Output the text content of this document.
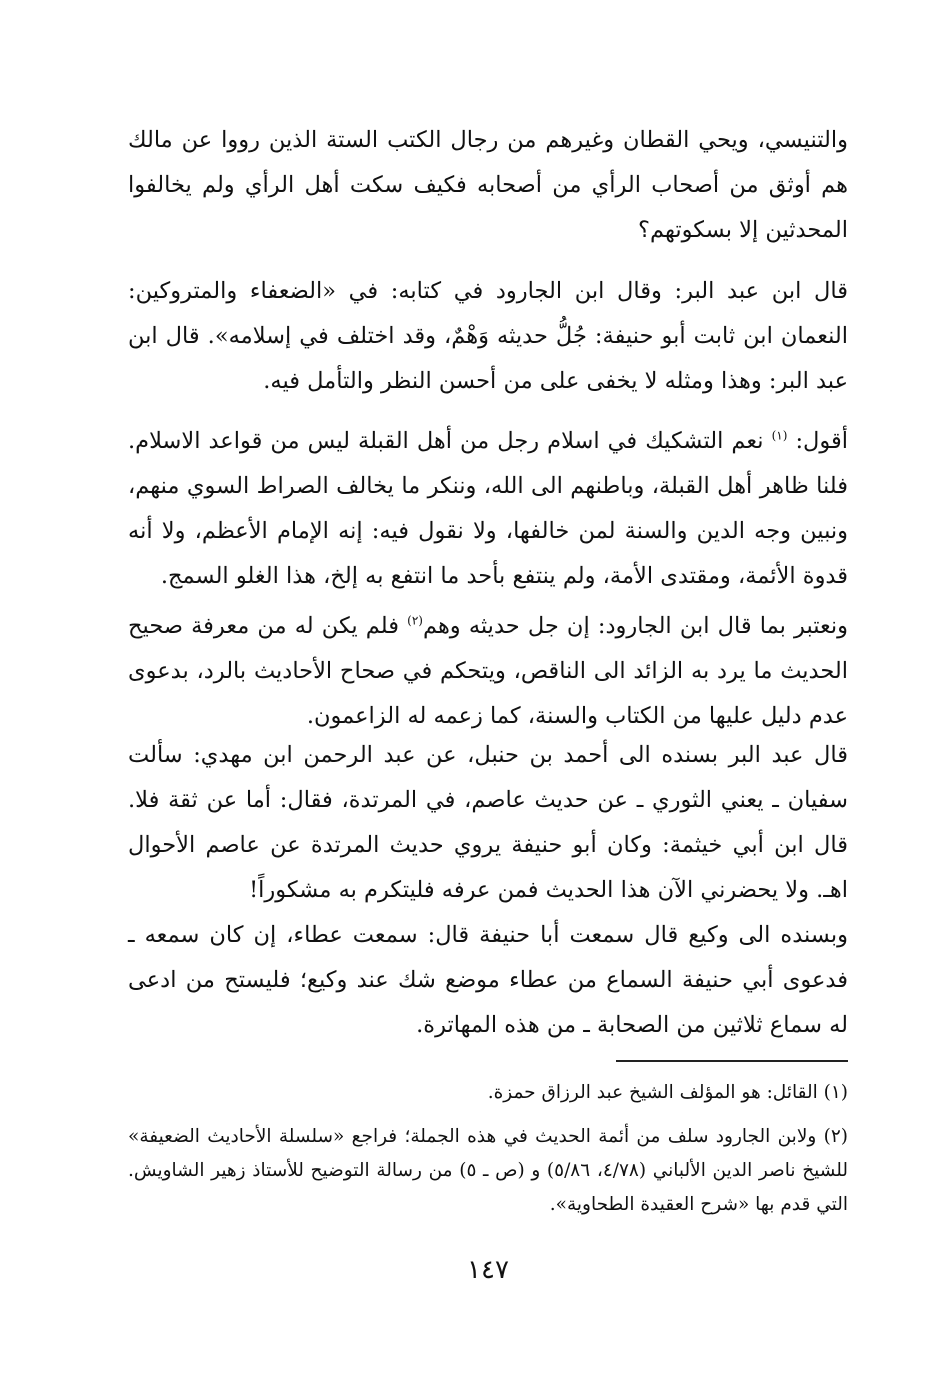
والتنيسي، ويحي القطان وغيرهم من رجال الكتب الستة الذين رووا عن مالك هم أوثق من أصحاب الرأي من أصحابه فكيف سكت أهل الرأي ولم يخالفوا المحدثين إلا بسكوتهم؟

قال ابن عبد البر: وقال ابن الجارود في كتابه: في «الضعفاء والمتروكين: النعمان ابن ثابت أبو حنيفة: جُلُّ حديثه وَهْمٌ، وقد اختلف في إسلامه». قال ابن عبد البر: وهذا ومثله لا يخفى على من أحسن النظر والتأمل فيه.

أقول: $^{(١)}$ نعم التشكيك في اسلام رجل من أهل القبلة ليس من قواعد الاسلام. فلنا ظاهر أهل القبلة، وباطنهم الى الله، وننكر ما يخالف الصراط السوي منهم، ونبين وجه الدين والسنة لمن خالفها، ولا نقول فيه: إنه الإمام الأعظم، ولا أنه قدوة الأئمة، ومقتدى الأمة، ولم ينتفع بأحد ما انتفع به إلخ، هذا الغلو السمج.

ونعتبر بما قال ابن الجارود: إن جل حديثه وهم$^{(٢)}$ فلم يكن له من معرفة صحيح الحديث ما يرد به الزائد الى الناقص، ويتحكم في صحاح الأحاديث بالرد، بدعوى عدم دليل عليها من الكتاب والسنة، كما زعمه له الزاعمون.

قال عبد البر بسنده الى أحمد بن حنبل، عن عبد الرحمن ابن مهدي: سألت سفيان ـ يعني الثوري ـ عن حديث عاصم، في المرتدة، فقال: أما عن ثقة فلا. قال ابن أبي خيثمة: وكان أبو حنيفة يروي حديث المرتدة عن عاصم الأحوال اهـ. ولا يحضرني الآن هذا الحديث فمن عرفه فليتكرم به مشكوراً!

وبسنده الى وكيع قال سمعت أبا حنيفة قال: سمعت عطاء، إن كان سمعه ـ فدعوى أبي حنيفة السماع من عطاء موضع شك عند وكيع؛ فليستح من ادعى له سماع ثلاثين من الصحابة ـ من هذه المهاترة.

(١) القائل: هو المؤلف الشيخ عبد الرزاق حمزة.

(٢) ولابن الجارود سلف من أئمة الحديث في هذه الجملة؛ فراجع «سلسلة الأحاديث الضعيفة» للشيخ ناصر الدين الألباني (٤/٧٨، ٥/٨٦) و (ص ـ ٥) من رسالة التوضيح للأستاذ زهير الشاويش. التي قدم بها «شرح العقيدة الطحاوية».

١٤٧
